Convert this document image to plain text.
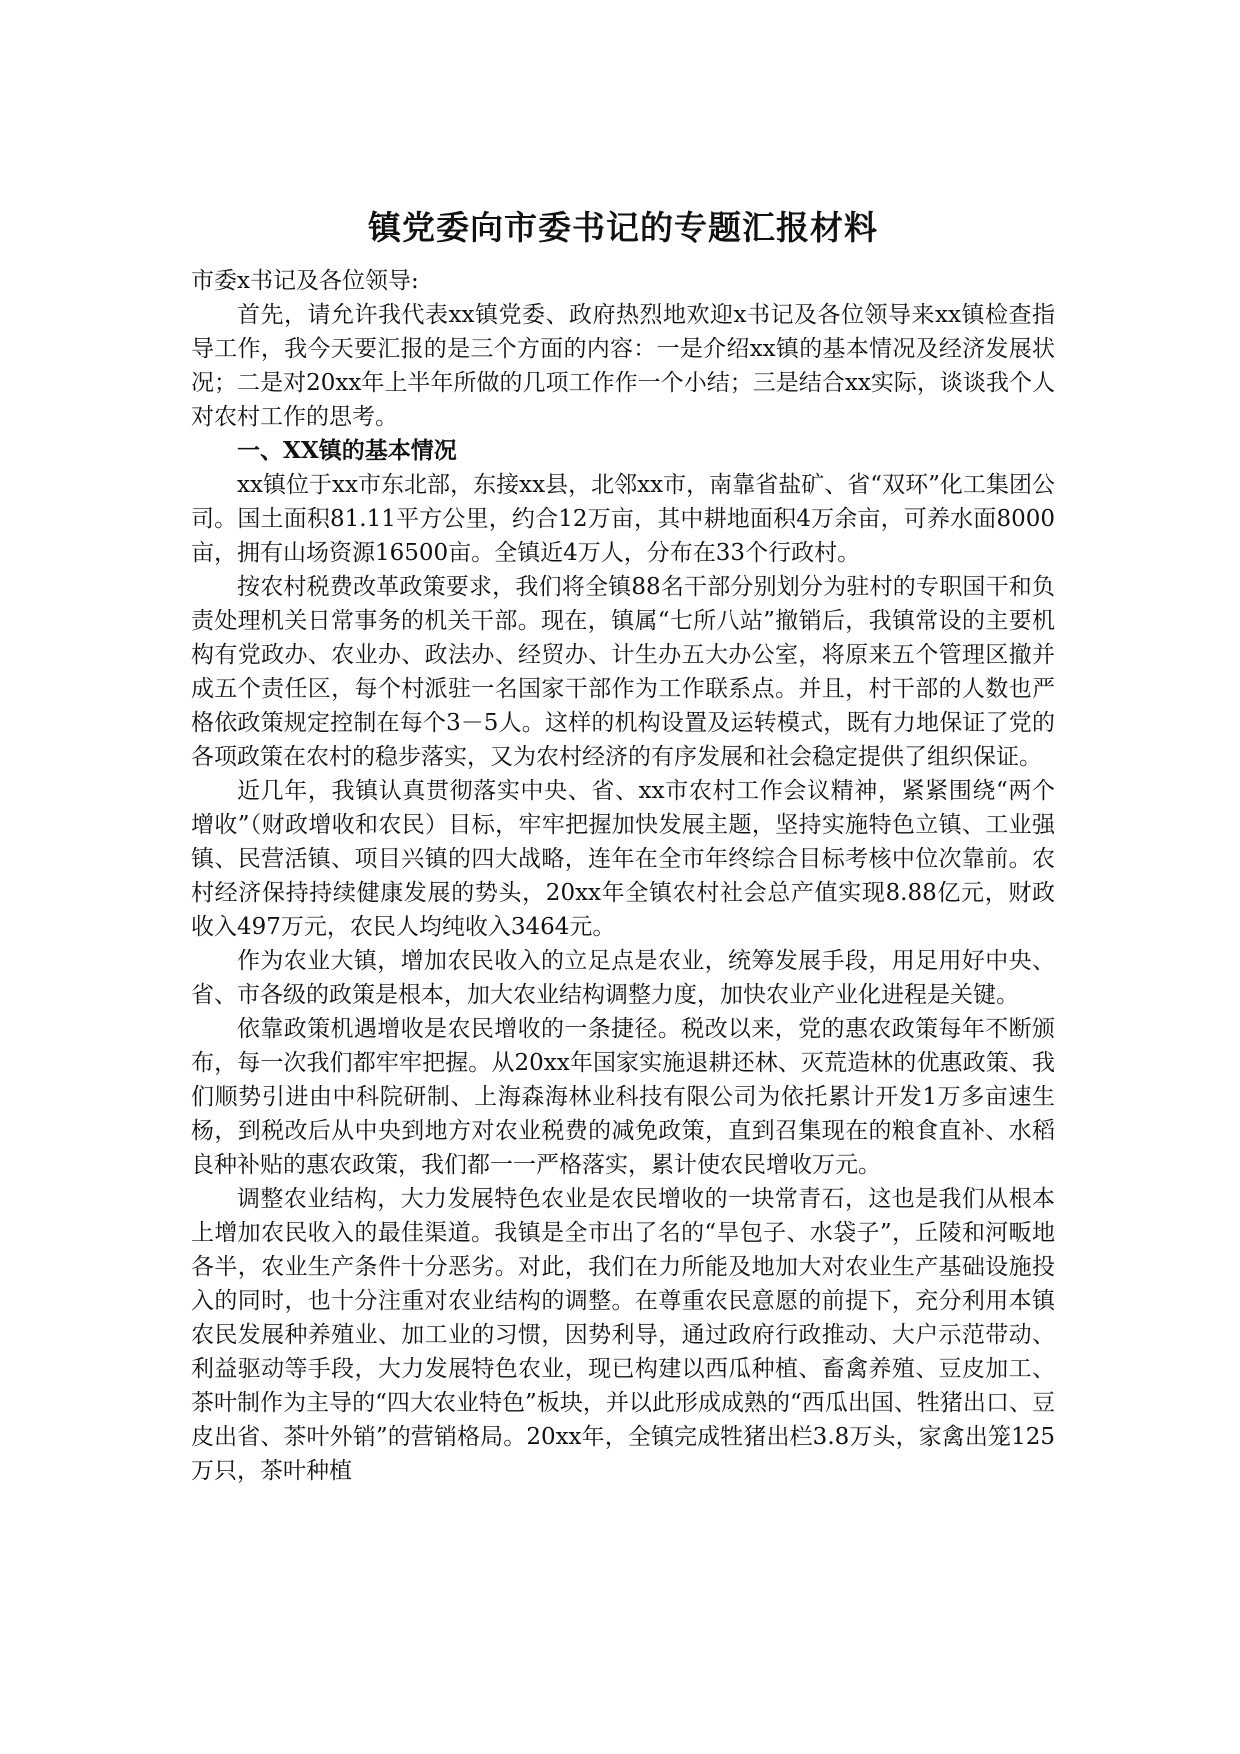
镇党委向市委书记的专题汇报材料

市委x书记及各位领导:

首先，请允许我代表xx镇党委、政府热烈地欢迎x书记及各位领导来xx镇检查指导工作，我今天要汇报的是三个方面的内容：一是介绍xx镇的基本情况及经济发展状况；二是对20xx年上半年所做的几项工作作一个小结；三是结合xx实际，谈谈我个人对农村工作的思考。

一、XX镇的基本情况

xx镇位于xx市东北部，东接xx县，北邻xx市，南靠省盐矿、省“双环”化工集团公司。国土面积81.11平方公里，约合12万亩，其中耕地面积4万余亩，可养水面8000亩，拥有山场资源16500亩。全镇近4万人，分布在33个行政村。

按农村税费改革政策要求，我们将全镇88名干部分别划分为驻村的专职国干和负责处理机关日常事务的机关干部。现在，镇属“七所八站”撤销后，我镇常设的主要机构有党政办、农业办、政法办、经贸办、计生办五大办公室，将原来五个管理区撤并成五个责任区，每个村派驻一名国家干部作为工作联系点。并且，村干部的人数也严格依政策规定控制在每个3－5人。这样的机构设置及运转模式，既有力地保证了党的各项政策在农村的稳步落实，又为农村经济的有序发展和社会稳定提供了组织保证。

近几年，我镇认真贯彻落实中央、省、xx市农村工作会议精神，紧紧围绕“两个增收”（财政增收和农民）目标，牢牢把握加快发展主题，坚持实施特色立镇、工业强镇、民营活镇、项目兴镇的四大战略，连年在全市年终综合目标考核中位次靠前。农村经济保持持续健康发展的势头，20xx年全镇农村社会总产值实现8.88亿元，财政收入497万元，农民人均纯收入3464元。

作为农业大镇，增加农民收入的立足点是农业，统筹发展手段，用足用好中央、省、市各级的政策是根本，加大农业结构调整力度，加快农业产业化进程是关键。

依靠政策机遇增收是农民增收的一条捷径。税改以来，党的惠农政策每年不断颁布，每一次我们都牢牢把握。从20xx年国家实施退耕还林、灭荒造林的优惠政策、我们顺势引进由中科院研制、上海森海林业科技有限公司为依托累计开发1万多亩速生杨，到税改后从中央到地方对农业税费的减免政策，直到召集现在的粮食直补、水稻良种补贴的惠农政策，我们都一一严格落实，累计使农民增收万元。

调整农业结构，大力发展特色农业是农民增收的一块常青石，这也是我们从根本上增加农民收入的最佳渠道。我镇是全市出了名的“旱包子、水袋子”，丘陵和河畈地各半，农业生产条件十分恶劣。对此，我们在力所能及地加大对农业生产基础设施投入的同时，也十分注重对农业结构的调整。在尊重农民意愿的前提下，充分利用本镇农民发展种养殖业、加工业的习惯，因势利导，通过政府行政推动、大户示范带动、利益驱动等手段，大力发展特色农业，现已构建以西瓜种植、畜禽养殖、豆皮加工、茶叶制作为主导的“四大农业特色”板块，并以此形成成熟的“西瓜出国、牲猪出口、豆皮出省、茶叶外销”的营销格局。20xx年，全镇完成牲猪出栏3.8万头，家禽出笼125万只，茶叶种植
